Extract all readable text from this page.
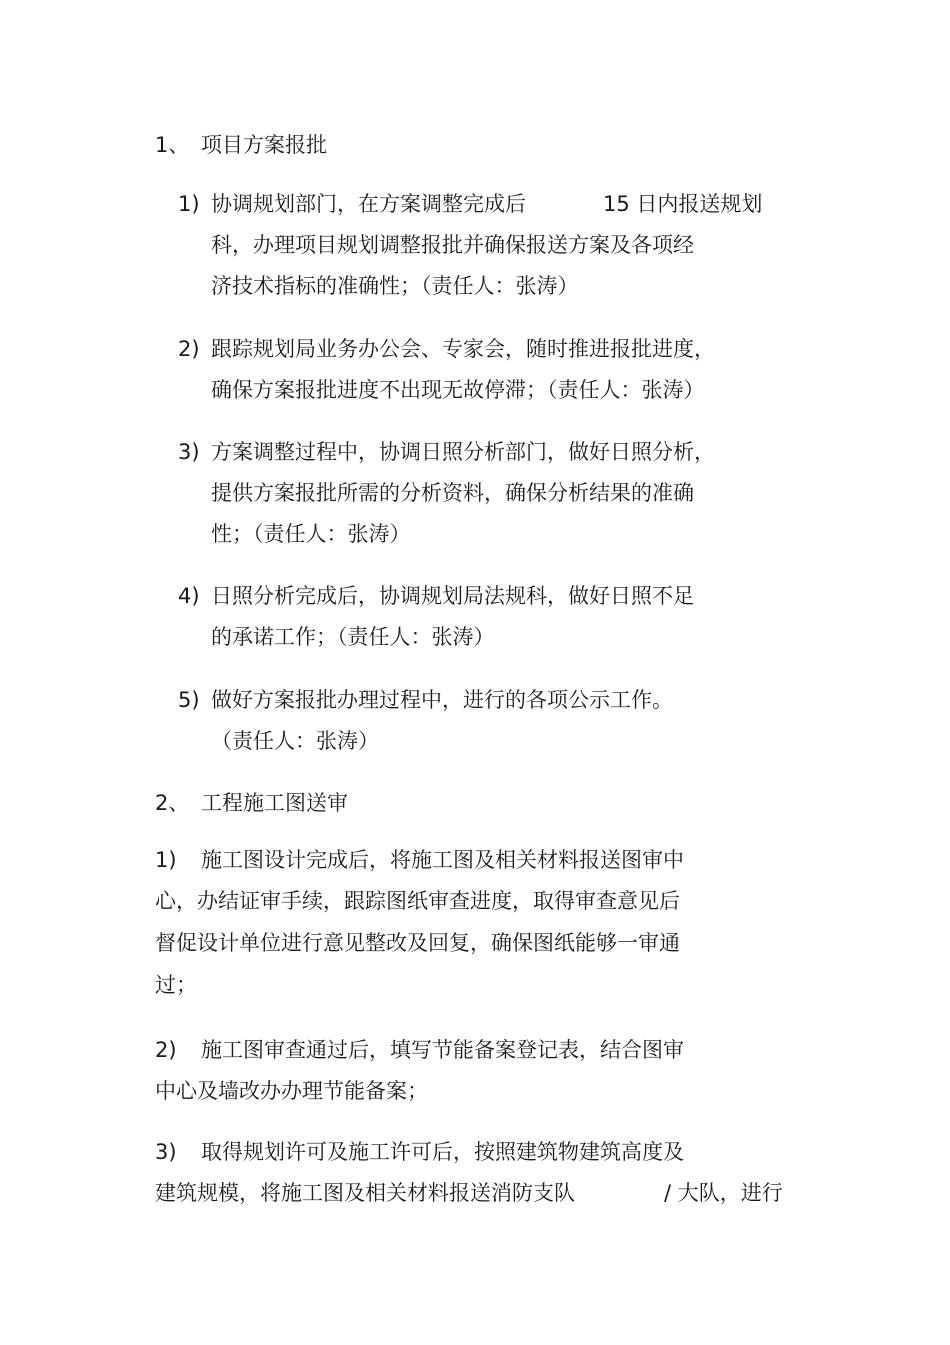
1、 项目方案报批
1) 协调规划部门，在方案调整完成后	15 日内报送规划
科，办理项目规划调整报批并确保报送方案及各项经
济技术指标的准确性；（责任人：张涛）
2) 跟踪规划局业务办公会、专家会，随时推进报批进度，
确保方案报批进度不出现无故停滞；（责任人：张涛）
3) 方案调整过程中，协调日照分析部门，做好日照分析，
提供方案报批所需的分析资料，确保分析结果的准确
性；（责任人：张涛）
4) 日照分析完成后，协调规划局法规科，做好日照不足
的承诺工作；（责任人：张涛）
5) 做好方案报批办理过程中，进行的各项公示工作。
（责任人：张涛）
2、 工程施工图送审
1) 施工图设计完成后，将施工图及相关材料报送图审中
心，办结证审手续，跟踪图纸审查进度，取得审查意见后
督促设计单位进行意见整改及回复，确保图纸能够一审通
过；
2) 施工图审查通过后，填写节能备案登记表，结合图审
中心及墙改办办理节能备案；
3) 取得规划许可及施工许可后，按照建筑物建筑高度及
建筑规模，将施工图及相关材料报送消防支队	/ 大队，进行
